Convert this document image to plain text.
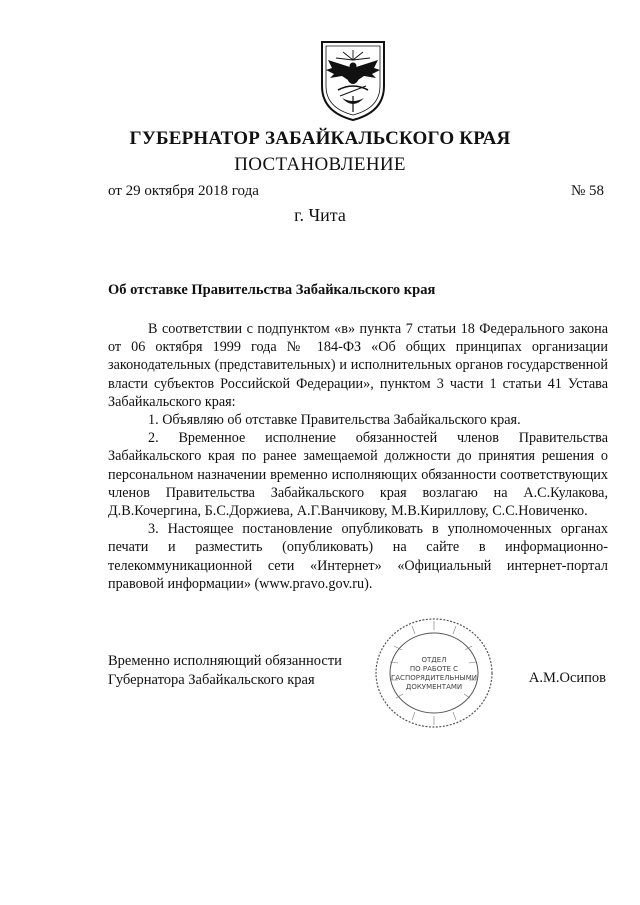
ГУБЕРНАТОР ЗАБАЙКАЛЬСКОГО КРАЯ
ПОСТАНОВЛЕНИЕ
от 29 октября 2018 года	№ 58
г. Чита
Об отставке Правительства Забайкальского края

В соответствии с подпунктом «в» пункта 7 статьи 18 Федерального закона от 06 октября 1999 года № 184-ФЗ «Об общих принципах организации законодательных (представительных) и исполнительных органов государственной власти субъектов Российской Федерации», пунктом 3 части 1 статьи 41 Устава Забайкальского края:

1. Объявляю об отставке Правительства Забайкальского края.

2. Временное исполнение обязанностей членов Правительства Забайкальского края по ранее замещаемой должности до принятия решения о персональном назначении временно исполняющих обязанности соответствующих членов Правительства Забайкальского края возлагаю на А.С.Кулакова, Д.В.Кочергина, Б.С.Доржиева, А.Г.Ванчикову, М.В.Кириллову, С.С.Новиченко.

3. Настоящее постановление опубликовать в уполномоченных органах печати и разместить (опубликовать) на сайте в информационно-телекоммуникационной сети «Интернет» «Официальный интернет-портал правовой информации» (www.pravo.gov.ru).

Временно исполняющий обязанности
Губернатора Забайкальского края
ОТДЕЛ
ПО РАБОТЕ С
ГАСПОРЯДИТЕЛЬНЫМИ
ДОКУМЕНТАМИ
А.М.Осипов
